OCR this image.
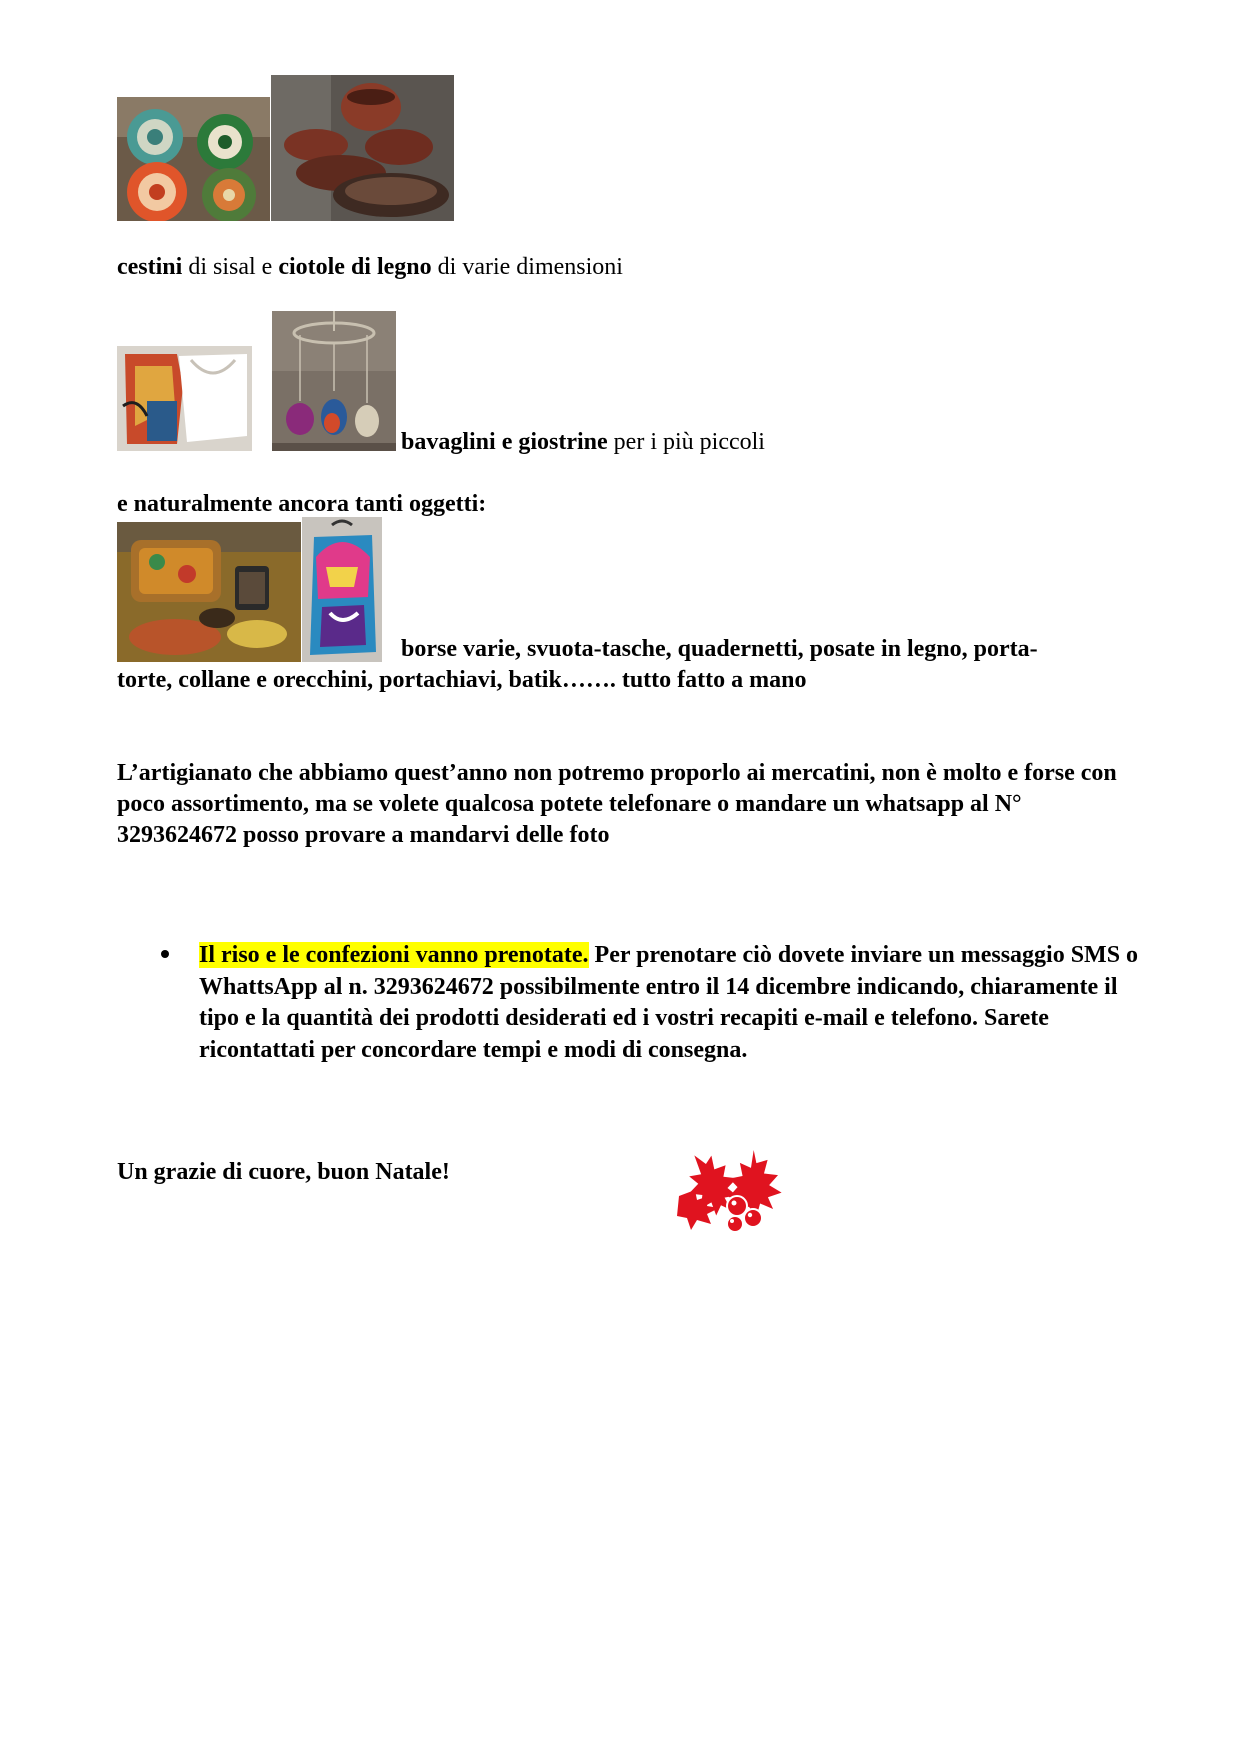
cestini di sisal e ciotole di legno di varie dimensioni
bavaglini e giostrine per i più piccoli
e naturalmente ancora tanti oggetti:
borse varie, svuota-tasche, quadernetti, posate in legno, porta-
torte, collane e orecchini, portachiavi, batik……. tutto fatto a mano
L’artigianato che abbiamo quest’anno non potremo proporlo ai mercatini, non è molto e forse con poco assortimento, ma se volete qualcosa potete telefonare o mandare un whatsapp al N° 3293624672 posso provare a mandarvi delle foto
Il riso e le confezioni vanno prenotate. Per prenotare ciò dovete inviare un messaggio SMS o WhattsApp al n. 3293624672 possibilmente entro il 14 dicembre indicando, chiaramente il tipo e la quantità dei prodotti desiderati ed i vostri recapiti e-mail e telefono. Sarete ricontattati per concordare tempi e modi di consegna.
Un grazie di cuore, buon Natale!
